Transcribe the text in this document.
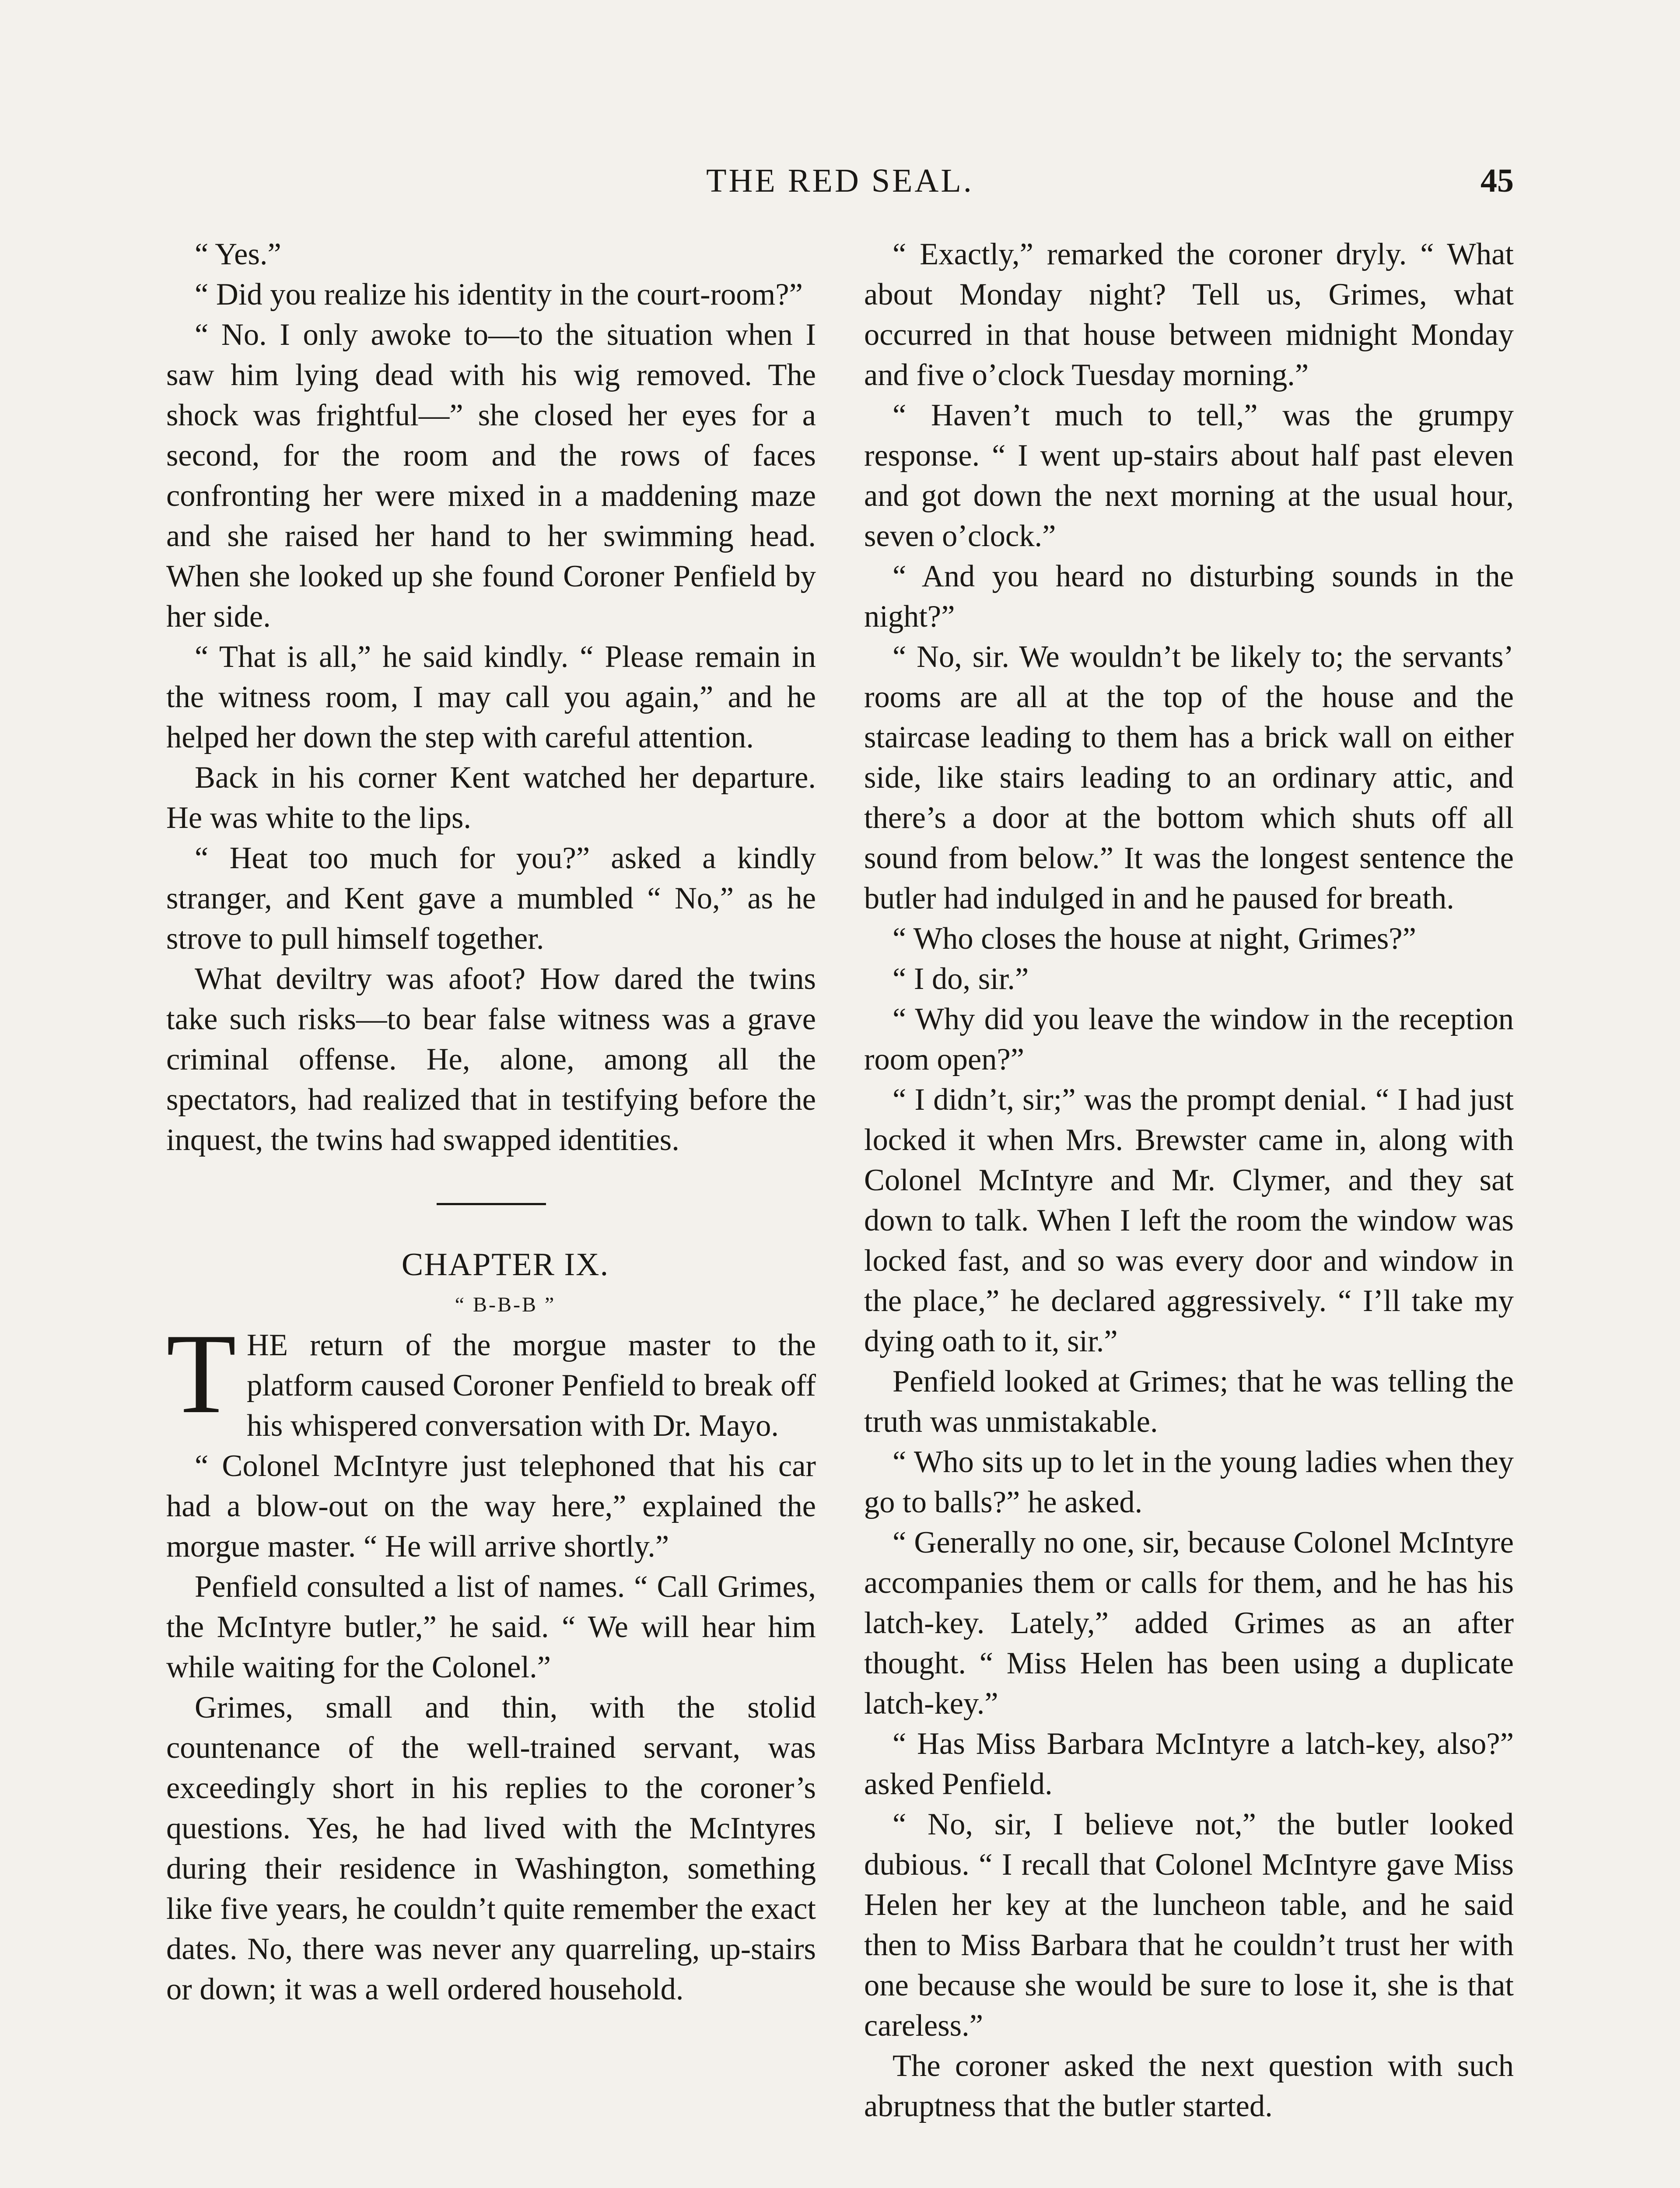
THE RED SEAL.	45

“ Yes.”

“ Did you realize his identity in the court-room?”

“ No. I only awoke to—to the situation when I saw him lying dead with his wig removed. The shock was frightful—” she closed her eyes for a second, for the room and the rows of faces confronting her were mixed in a maddening maze and she raised her hand to her swimming head. When she looked up she found Coroner Penfield by her side.

“ That is all,” he said kindly. “ Please remain in the witness room, I may call you again,” and he helped her down the step with careful attention.

Back in his corner Kent watched her departure. He was white to the lips.

“ Heat too much for you?” asked a kindly stranger, and Kent gave a mumbled “ No,” as he strove to pull himself together.

What deviltry was afoot? How dared the twins take such risks—to bear false witness was a grave criminal offense. He, alone, among all the spectators, had realized that in testifying before the inquest, the twins had swapped identities.

CHAPTER IX.

“ B-B-B ”

THE return of the morgue master to the platform caused Coroner Penfield to break off his whispered conversation with Dr. Mayo.

“ Colonel McIntyre just telephoned that his car had a blow-out on the way here,” explained the morgue master. “ He will arrive shortly.”

Penfield consulted a list of names. “ Call Grimes, the McIntyre butler,” he said. “ We will hear him while waiting for the Colonel.”

Grimes, small and thin, with the stolid countenance of the well-trained servant, was exceedingly short in his replies to the coroner’s questions. Yes, he had lived with the McIntyres during their residence in Washington, something like five years, he couldn’t quite remember the exact dates. No, there was never any quarreling, up-stairs or down; it was a well ordered household.

“ Exactly,” remarked the coroner dryly. “ What about Monday night? Tell us, Grimes, what occurred in that house between midnight Monday and five o’clock Tuesday morning.”

“ Haven’t much to tell,” was the grumpy response. “ I went up-stairs about half past eleven and got down the next morning at the usual hour, seven o’clock.”

“ And you heard no disturbing sounds in the night?”

“ No, sir. We wouldn’t be likely to; the servants’ rooms are all at the top of the house and the staircase leading to them has a brick wall on either side, like stairs leading to an ordinary attic, and there’s a door at the bottom which shuts off all sound from below.” It was the longest sentence the butler had indulged in and he paused for breath.

“ Who closes the house at night, Grimes?”

“ I do, sir.”

“ Why did you leave the window in the reception room open?”

“ I didn’t, sir;” was the prompt denial. “ I had just locked it when Mrs. Brewster came in, along with Colonel McIntyre and Mr. Clymer, and they sat down to talk. When I left the room the window was locked fast, and so was every door and window in the place,” he declared aggressively. “ I’ll take my dying oath to it, sir.”

Penfield looked at Grimes; that he was telling the truth was unmistakable.

“ Who sits up to let in the young ladies when they go to balls?” he asked.

“ Generally no one, sir, because Colonel McIntyre accompanies them or calls for them, and he has his latch-key. Lately,” added Grimes as an after thought. “ Miss Helen has been using a duplicate latch-key.”

“ Has Miss Barbara McIntyre a latch-key, also?” asked Penfield.

“ No, sir, I believe not,” the butler looked dubious. “ I recall that Colonel McIntyre gave Miss Helen her key at the luncheon table, and he said then to Miss Barbara that he couldn’t trust her with one because she would be sure to lose it, she is that careless.”

The coroner asked the next question with such abruptness that the butler started.
